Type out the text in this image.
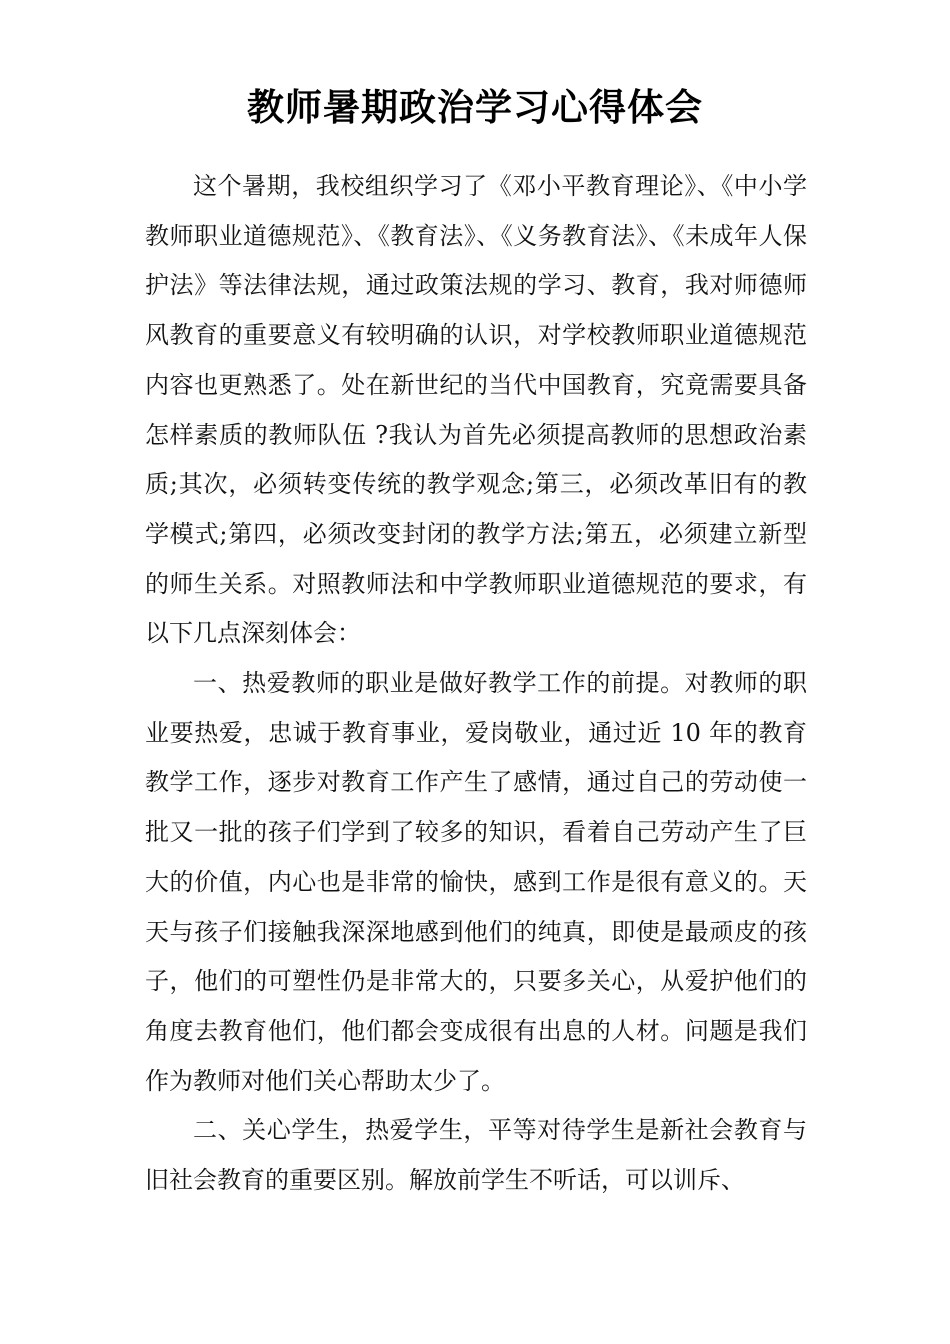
教师暑期政治学习心得体会

这个暑期，我校组织学习了《邓小平教育理论》、《中小学教师职业道德规范》、《教育法》、《义务教育法》、《未成年人保护法》等法律法规，通过政策法规的学习、教育，我对师德师风教育的重要意义有较明确的认识，对学校教师职业道德规范内容也更熟悉了。处在新世纪的当代中国教育，究竟需要具备怎样素质的教师队伍 ?我认为首先必须提高教师的思想政治素质;其次，必须转变传统的教学观念;第三，必须改革旧有的教学模式;第四，必须改变封闭的教学方法;第五，必须建立新型的师生关系。对照教师法和中学教师职业道德规范的要求，有以下几点深刻体会：

一、热爱教师的职业是做好教学工作的前提。对教师的职业要热爱，忠诚于教育事业，爱岗敬业，通过近 10 年的教育教学工作，逐步对教育工作产生了感情，通过自己的劳动使一批又一批的孩子们学到了较多的知识，看着自己劳动产生了巨大的价值，内心也是非常的愉快，感到工作是很有意义的。天天与孩子们接触我深深地感到他们的纯真，即使是最顽皮的孩子，他们的可塑性仍是非常大的，只要多关心，从爱护他们的角度去教育他们，他们都会变成很有出息的人材。问题是我们作为教师对他们关心帮助太少了。

二、关心学生，热爱学生，平等对待学生是新社会教育与旧社会教育的重要区别。解放前学生不听话，可以训斥、
